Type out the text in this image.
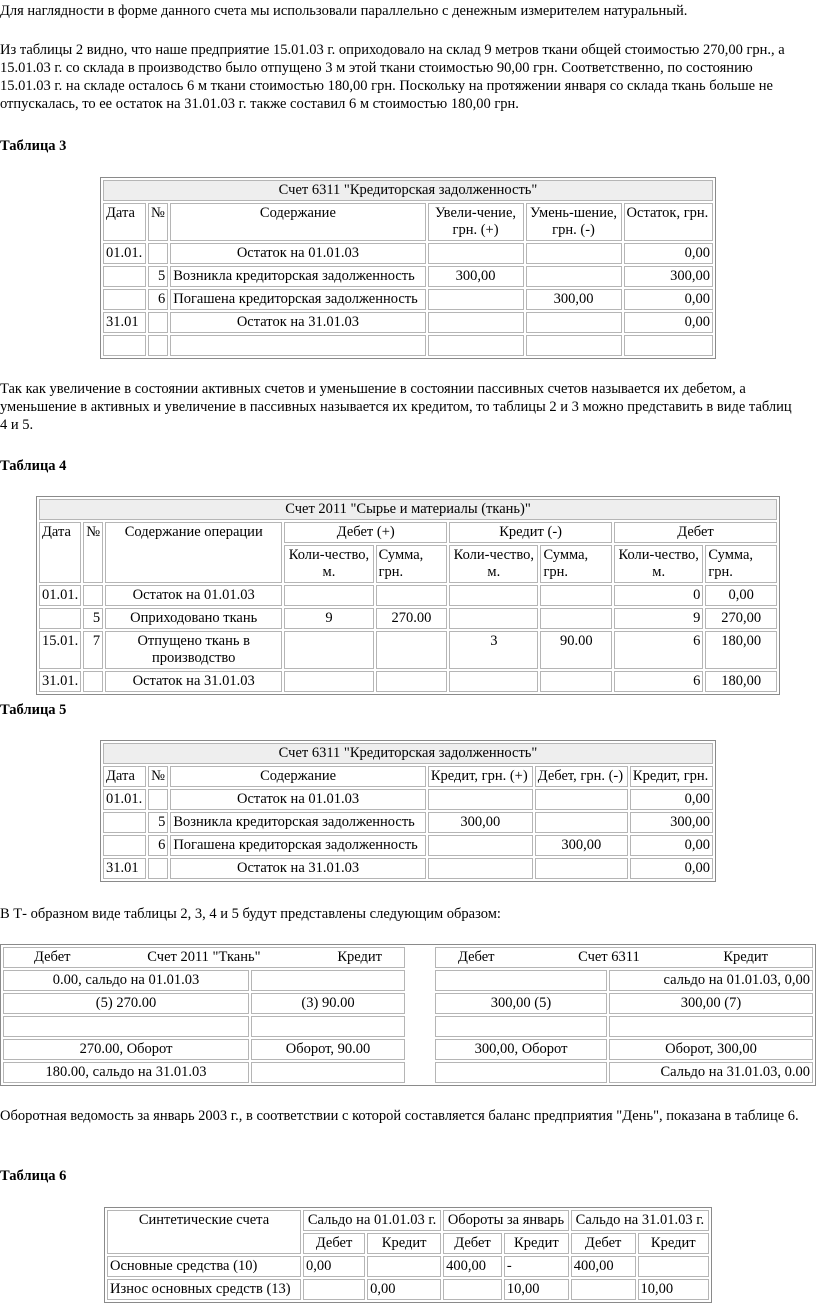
Для наглядности в форме данного счета мы использовали параллельно с денежным измерителем натуральный.

Из таблицы 2 видно, что наше предприятие 15.01.03 г. оприходовало на склад 9 метров ткани общей стоимостью 270,00 грн., а 15.01.03 г. со склада в производство было отпущено 3 м этой ткани стоимостью 90,00 грн. Соответственно, по состоянию 15.01.03 г. на складе осталось 6 м ткани стоимостью 180,00 грн. Поскольку на протяжении января со склада ткань больше не отпускалась, то ее остаток на 31.01.03 г. также составил 6 м стоимостью 180,00 грн.

Таблица 3

Счет 6311 "Кредиторская задолженность"					
Дата	№	Содержание	Увели-чение, грн. (+)	Умень-шение, грн. (-)	Остаток, грн.
01.01.		Остаток на 01.01.03			0,00
	5	Возникла кредиторская задолженность	300,00		300,00
	6	Погашена кредиторская задолженность		300,00	0,00
31.01		Остаток на 31.01.03			0,00

Так как увеличение в состоянии активных счетов и уменьшение в состоянии пассивных счетов называется их дебетом, а уменьшение в активных и увеличение в пассивных называется их кредитом, то таблицы 2 и 3 можно представить в виде таблиц 4 и 5.

Таблица 4

Счет 2011 "Сырье и материалы (ткань)"								
Дата	№	Содержание операции	Дебет (+)		Кредит (-)		Дебет	
			Коли-чество, м.	Сумма, грн.	Коли-чество, м.	Сумма, грн.	Коли-чество, м.	Сумма, грн.
01.01.		Остаток на 01.01.03					0	0,00
	5	Оприходовано ткань	9	270.00			9	270,00
15.01.	7	Отпущено ткань в производство			3	90.00	6	180,00
31.01.		Остаток на 31.01.03					6	180,00

Таблица 5

Счет 6311 "Кредиторская задолженность"					
Дата	№	Содержание	Кредит, грн. (+)	Дебет, грн. (-)	Кредит, грн.
01.01.		Остаток на 01.01.03			0,00
	5	Возникла кредиторская задолженность	300,00		300,00
	6	Погашена кредиторская задолженность		300,00	0,00
31.01		Остаток на 31.01.03			0,00

В Т- образном виде таблицы 2, 3, 4 и 5 будут представлены следующим образом:

Дебет Счет 2011 "Ткань" Кредит			Дебет Счет 6311 Кредит	

0.00, сальдо на 01.01.03				сальдо на 01.01.03, 0,00
(5) 270.00	(3) 90.00		300,00 (5)	300,00 (7)

270.00, Оборот	Оборот, 90.00		300,00, Оборот	Оборот, 300,00
180.00, сальдо на 31.01.03				Сальдо на 31.01.03, 0.00

Оборотная ведомость за январь 2003 г., в соответствии с которой составляется баланс предприятия "День", показана в таблице 6.

Таблица 6

Синтетические счета	Сальдо на 01.01.03 г.		Обороты за январь		Сальдо на 31.01.03 г.	
	Дебет	Кредит	Дебет	Кредит	Дебет	Кредит
Основные средства (10)	0,00		400,00	-	400,00	
Износ основных средств (13)		0,00		10,00		10,00
